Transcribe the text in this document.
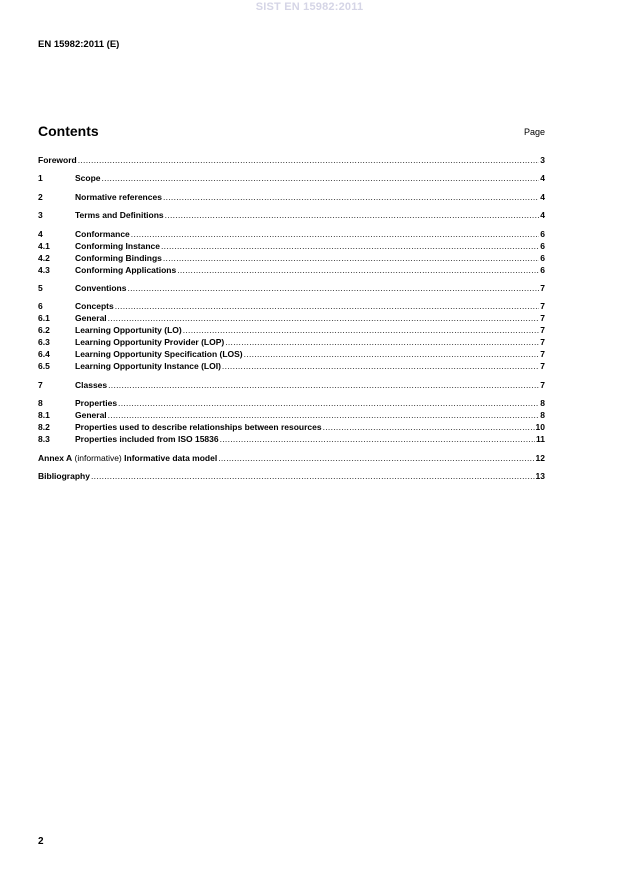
SIST EN 15982:2011
EN 15982:2011 (E)
Contents	Page
Foreword .....	3
1	Scope .....	4
2	Normative references .....	4
3	Terms and Definitions .....	4
4	Conformance .....	6
4.1	Conforming Instance .....	6
4.2	Conforming Bindings .....	6
4.3	Conforming Applications .....	6
5	Conventions .....	7
6	Concepts .....	7
6.1	General .....	7
6.2	Learning Opportunity (LO) .....	7
6.3	Learning Opportunity Provider (LOP) .....	7
6.4	Learning Opportunity Specification (LOS) .....	7
6.5	Learning Opportunity Instance (LOI) .....	7
7	Classes .....	7
8	Properties .....	8
8.1	General .....	8
8.2	Properties used to describe relationships between resources .....	10
8.3	Properties included from ISO 15836 .....	11
Annex A (informative) Informative data model .....	12
Bibliography .....	13
2
